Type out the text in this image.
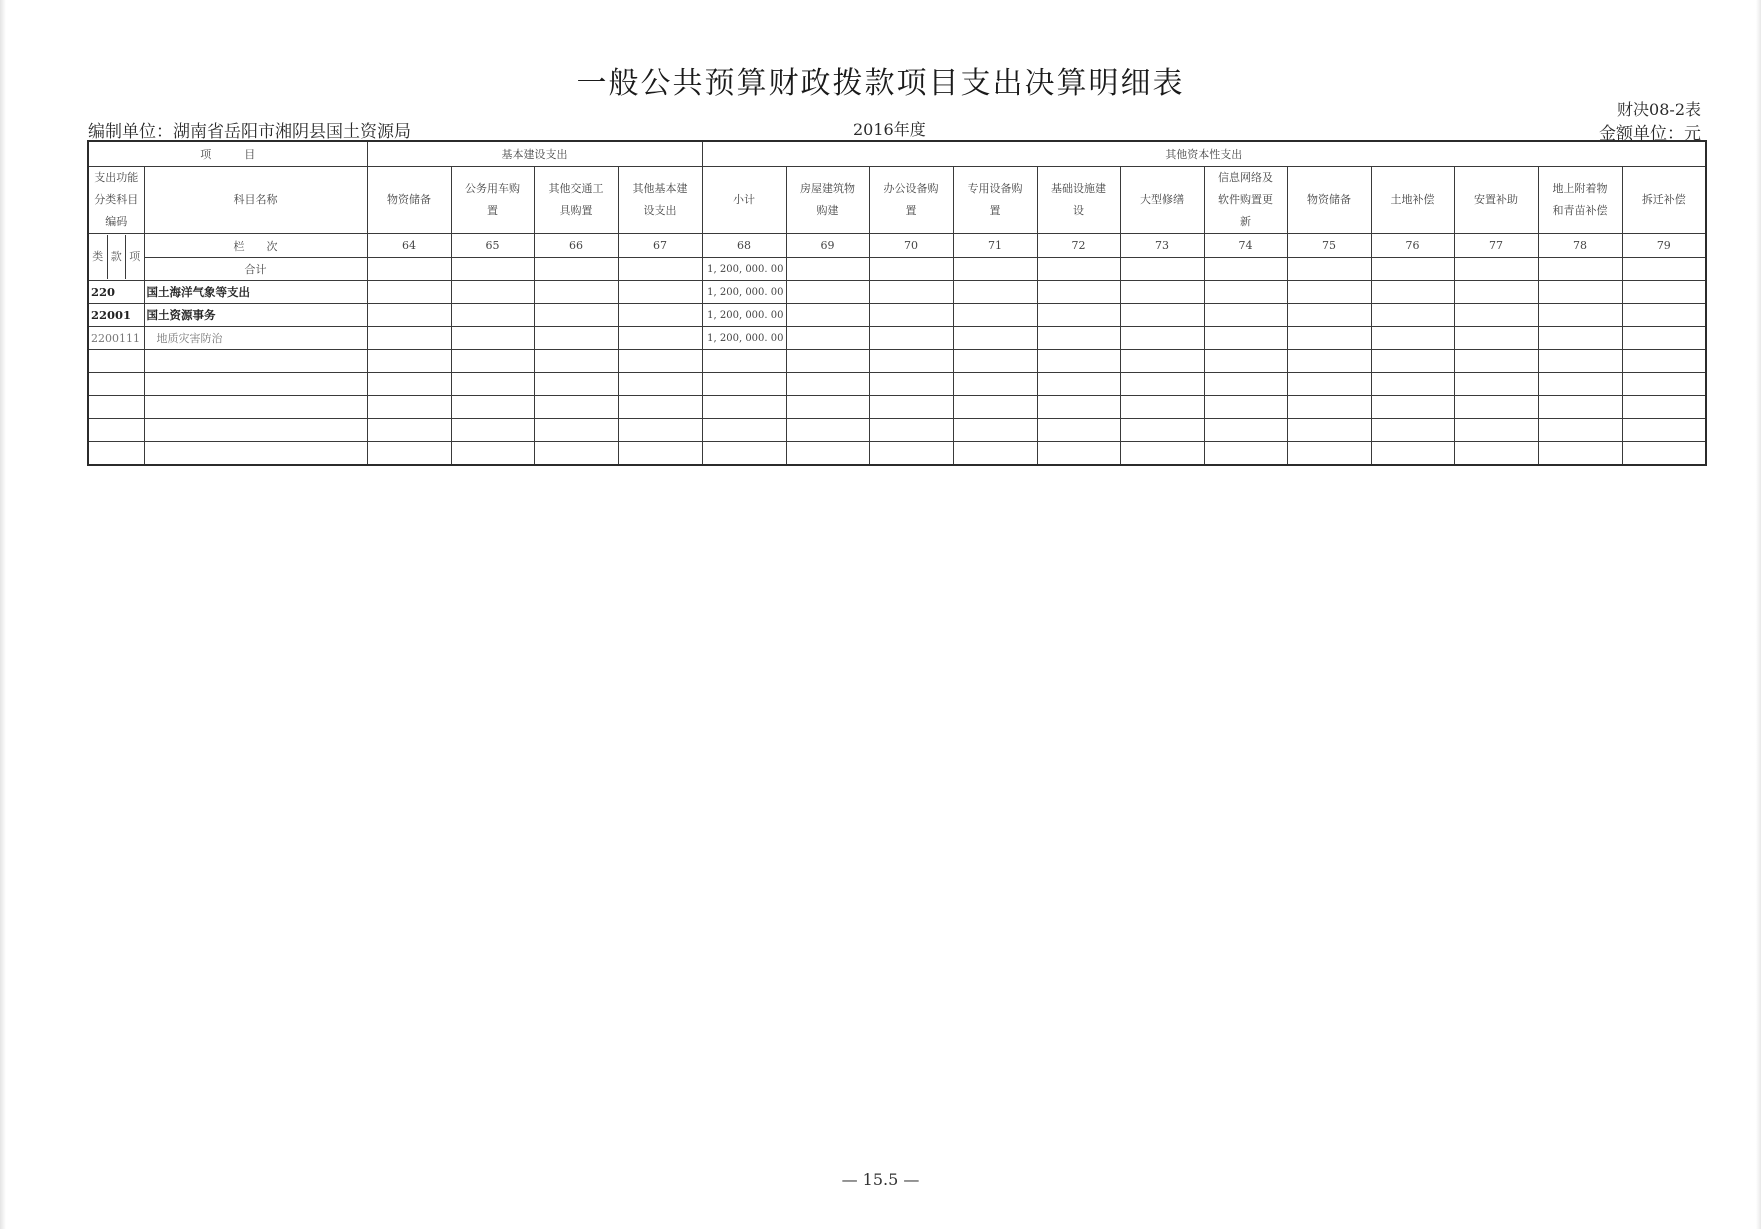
一般公共预算财政拨款项目支出决算明细表
财决08-2表
编制单位：湖南省岳阳市湘阴县国土资源局	2016年度	金额单位：元
项　　　目		基本建设支出				其他资本性支出											
支出功能分类科目编码	科目名称	物资储备	公务用车购置	其他交通工具购置	其他基本建设支出	小计	房屋建筑物购建	办公设备购置	专用设备购置	基础设施建设	大型修缮	信息网络及软件购置更新	物资储备	土地补偿	安置补助	地上附着物和青苗补偿	拆迁补偿

类 款 项	栏　　次	64	65	66	67	68	69	70	71	72	73	74	75	76	77	78	79
	合计					1, 200, 000. 00											
220	国土海洋气象等支出					1, 200, 000. 00											
22001	国土资源事务					1, 200, 000. 00											
2200111	地质灾害防治					1, 200, 000. 00											

— 15.5 —
